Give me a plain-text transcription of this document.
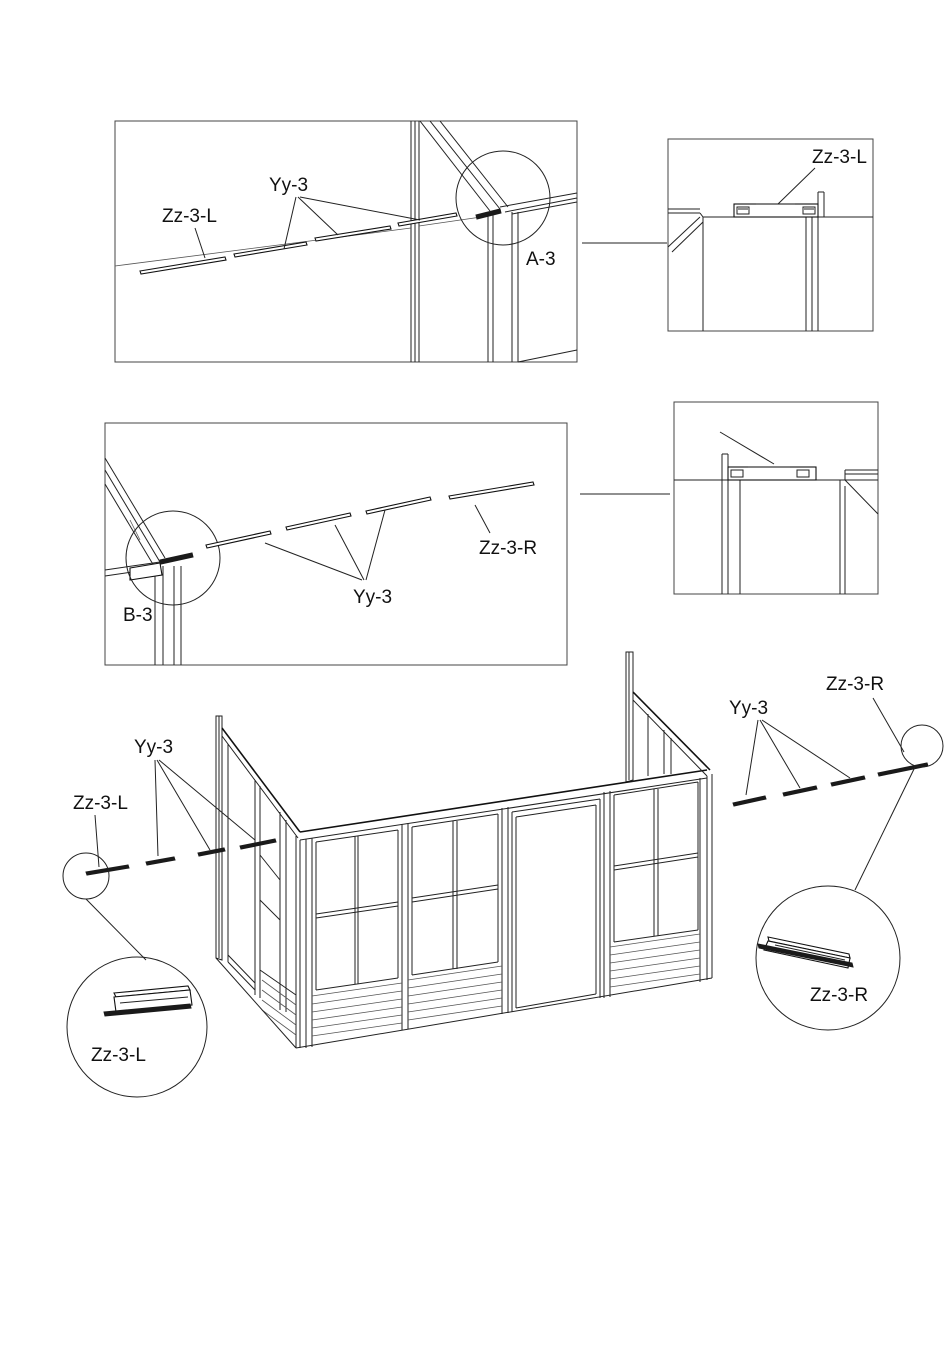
Zz-3-L
Yy-3
A-3
Zz-3-L
Yy-3
Zz-3-R
B-3
Yy-3
Zz-3-L
Zz-3-L
Yy-3
Zz-3-R
Zz-3-R
